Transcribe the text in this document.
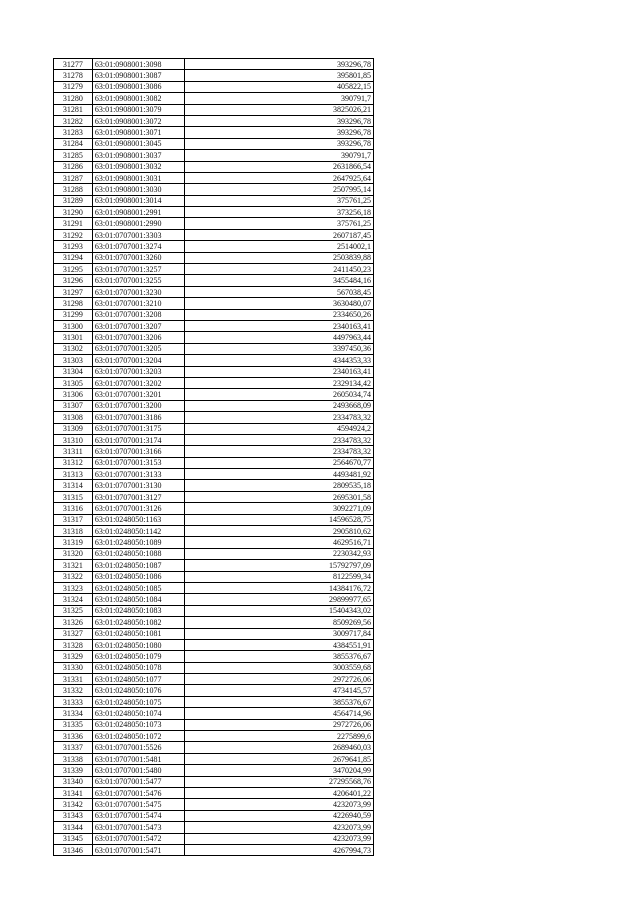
31277	63:01:0908001:3098	393296,78
31278	63:01:0908001:3087	395801,85
31279	63:01:0908001:3086	405822,15
31280	63:01:0908001:3082	390791,7
31281	63:01:0908001:3079	3825026,21
31282	63:01:0908001:3072	393296,78
31283	63:01:0908001:3071	393296,78
31284	63:01:0908001:3045	393296,78
31285	63:01:0908001:3037	390791,7
31286	63:01:0908001:3032	2631866,54
31287	63:01:0908001:3031	2647925,64
31288	63:01:0908001:3030	2507995,14
31289	63:01:0908001:3014	375761,25
31290	63:01:0908001:2991	373256,18
31291	63:01:0908001:2990	375761,25
31292	63:01:0707001:3303	2607187,45
31293	63:01:0707001:3274	2514002,1
31294	63:01:0707001:3260	2503839,88
31295	63:01:0707001:3257	2411450,23
31296	63:01:0707001:3255	3455484,16
31297	63:01:0707001:3230	567038,45
31298	63:01:0707001:3210	3630480,07
31299	63:01:0707001:3208	2334650,26
31300	63:01:0707001:3207	2340163,41
31301	63:01:0707001:3206	4497963,44
31302	63:01:0707001:3205	3397450,36
31303	63:01:0707001:3204	4344353,33
31304	63:01:0707001:3203	2340163,41
31305	63:01:0707001:3202	2329134,42
31306	63:01:0707001:3201	2605034,74
31307	63:01:0707001:3200	2493668,09
31308	63:01:0707001:3186	2334783,32
31309	63:01:0707001:3175	4594924,2
31310	63:01:0707001:3174	2334783,32
31311	63:01:0707001:3166	2334783,32
31312	63:01:0707001:3153	2564670,77
31313	63:01:0707001:3133	4493481,92
31314	63:01:0707001:3130	2809535,18
31315	63:01:0707001:3127	2695301,58
31316	63:01:0707001:3126	3092271,09
31317	63:01:0248050:1163	14596528,75
31318	63:01:0248050:1142	2905810,62
31319	63:01:0248050:1089	4629516,71
31320	63:01:0248050:1088	2230342,93
31321	63:01:0248050:1087	15792797,09
31322	63:01:0248050:1086	8122599,34
31323	63:01:0248050:1085	14384176,72
31324	63:01:0248050:1084	29899977,65
31325	63:01:0248050:1083	15404343,02
31326	63:01:0248050:1082	8509269,56
31327	63:01:0248050:1081	3009717,84
31328	63:01:0248050:1080	4384551,91
31329	63:01:0248050:1079	3855376,67
31330	63:01:0248050:1078	3003559,68
31331	63:01:0248050:1077	2972726,06
31332	63:01:0248050:1076	4734145,57
31333	63:01:0248050:1075	3855376,67
31334	63:01:0248050:1074	4564714,96
31335	63:01:0248050:1073	2972726,06
31336	63:01:0248050:1072	2275899,6
31337	63:01:0707001:5526	2689460,03
31338	63:01:0707001:5481	2679641,85
31339	63:01:0707001:5480	3470204,99
31340	63:01:0707001:5477	27295568,76
31341	63:01:0707001:5476	4206401,22
31342	63:01:0707001:5475	4232073,99
31343	63:01:0707001:5474	4226940,59
31344	63:01:0707001:5473	4232073,99
31345	63:01:0707001:5472	4232073,99
31346	63:01:0707001:5471	4267994,73
